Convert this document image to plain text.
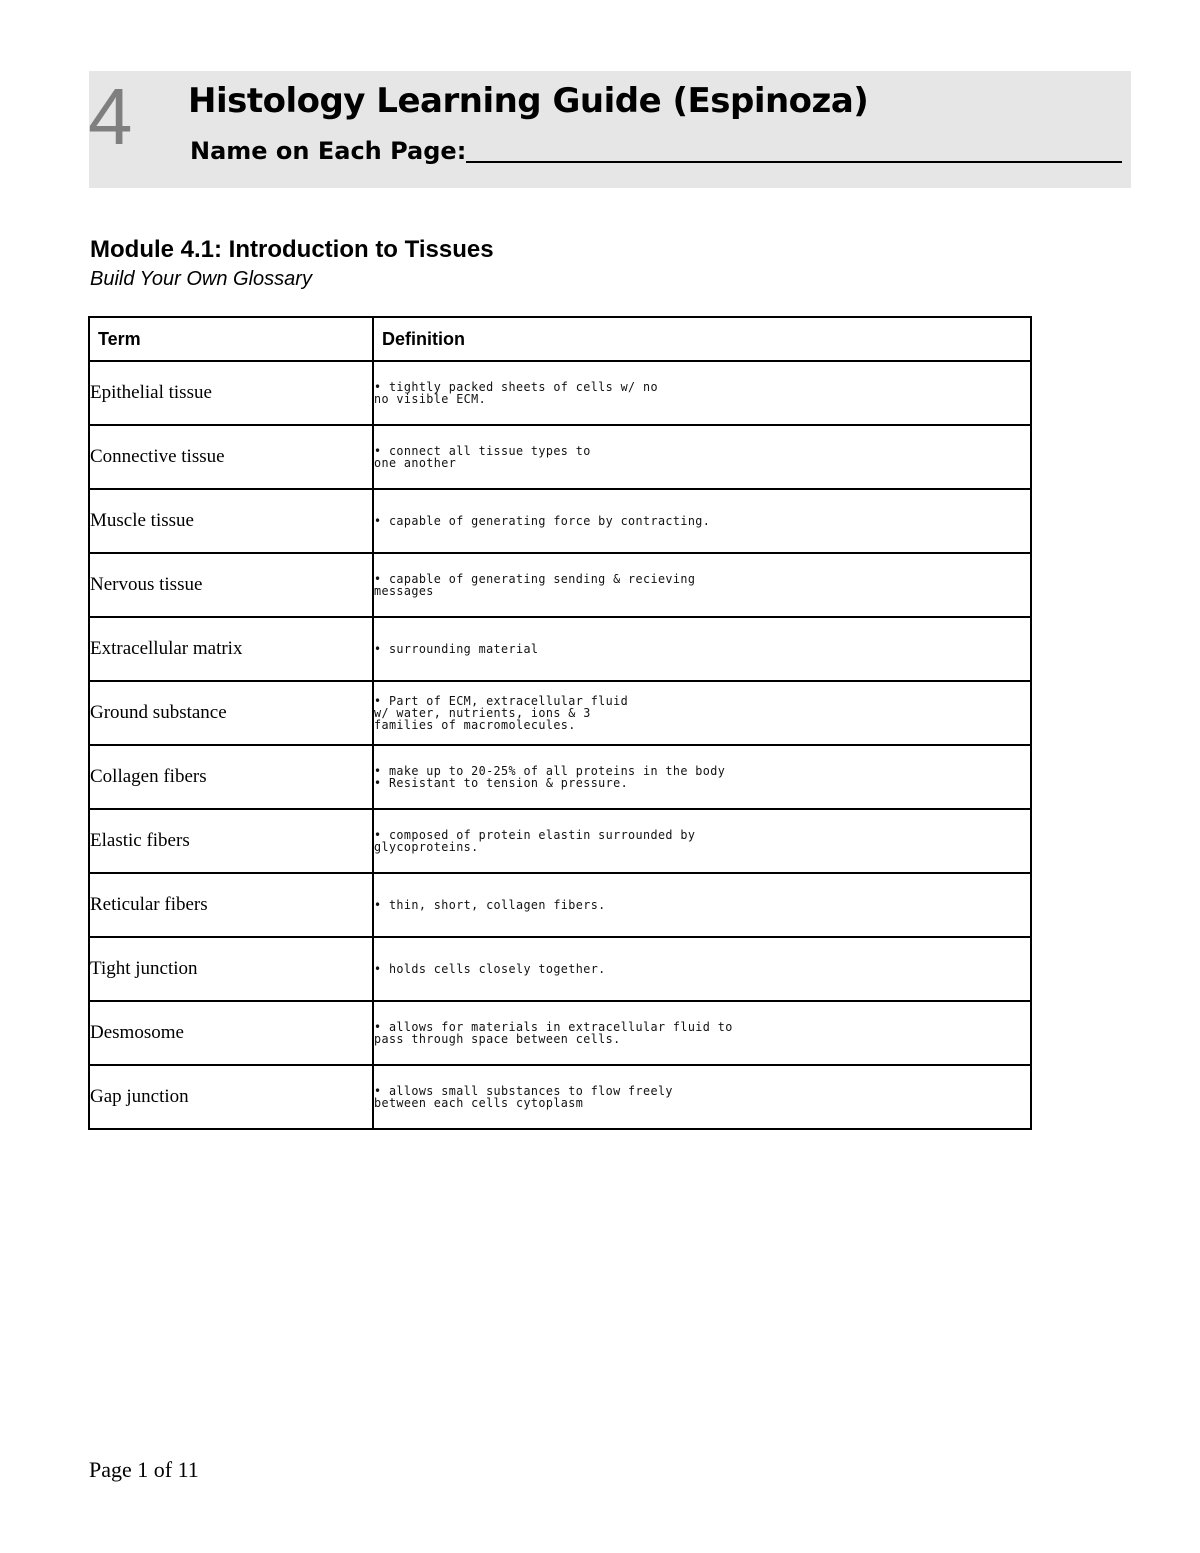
4 Histology Learning Guide (Espinoza)
Name on Each Page:
Module 4.1: Introduction to Tissues
Build Your Own Glossary
Term	Definition
Epithelial tissue	• tightly packed sheets of cells w/ no
no visible ECM.

Connective tissue	• connect all tissue types to
one another

Muscle tissue	• capable of generating force by contracting.

Nervous tissue	• capable of generating sending & recieving
messages

Extracellular matrix	• surrounding material

Ground substance	• Part of ECM, extracellular fluid
w/ water, nutrients, ions & 3
families of macromolecules.

Collagen fibers	• make up to 20-25% of all proteins in the body
• Resistant to tension & pressure.

Elastic fibers	• composed of protein elastin surrounded by
glycoproteins.

Reticular fibers	• thin, short, collagen fibers.

Tight junction	• holds cells closely together.

Desmosome	• allows for materials in extracellular fluid to
pass through space between cells.

Gap junction	• allows small substances to flow freely
between each cells cytoplasm
Page 1 of 11
